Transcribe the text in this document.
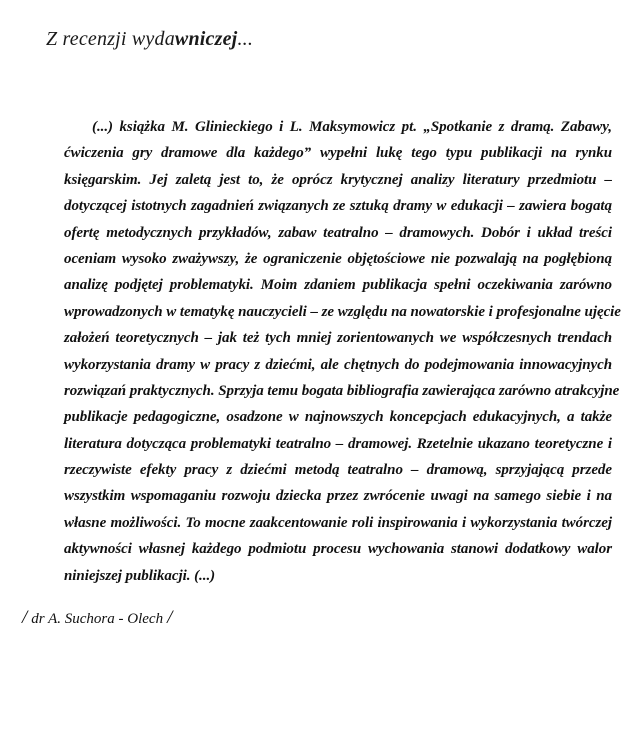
Z recenzji wydawniczej...
(...) książka M. Glinieckiego i L. Maksymowicz pt. „Spotkanie z dramą. Zabawy,
ćwiczenia gry dramowe dla każdego” wypełni lukę tego typu publikacji na rynku
księgarskim. Jej zaletą jest to, że oprócz krytycznej analizy literatury przedmiotu –
dotyczącej istotnych zagadnień związanych ze sztuką dramy w edukacji – zawiera bogatą
ofertę metodycznych przykładów, zabaw teatralno – dramowych. Dobór i układ treści
oceniam wysoko zważywszy, że ograniczenie objętościowe nie pozwalają na pogłębioną
analizę podjętej problematyki. Moim zdaniem publikacja spełni oczekiwania zarówno
wprowadzonych w tematykę nauczycieli – ze względu na nowatorskie i profesjonalne ujęcie
założeń teoretycznych – jak też tych mniej zorientowanych we współczesnych trendach
wykorzystania dramy w pracy z dziećmi, ale chętnych do podejmowania innowacyjnych
rozwiązań praktycznych. Sprzyja temu bogata bibliografia zawierająca zarówno atrakcyjne
publikacje pedagogiczne, osadzone w najnowszych koncepcjach edukacyjnych, a także
literatura dotycząca problematyki teatralno – dramowej. Rzetelnie ukazano teoretyczne i
rzeczywiste efekty pracy z dziećmi metodą teatralno – dramową, sprzyjającą przede
wszystkim wspomaganiu rozwoju dziecka przez zwrócenie uwagi na samego siebie i na
własne możliwości. To mocne zaakcentowanie roli inspirowania i wykorzystania twórczej
aktywności własnej każdego podmiotu procesu wychowania stanowi dodatkowy walor
niniejszej publikacji. (...)
/ dr A. Suchora - Olech /
